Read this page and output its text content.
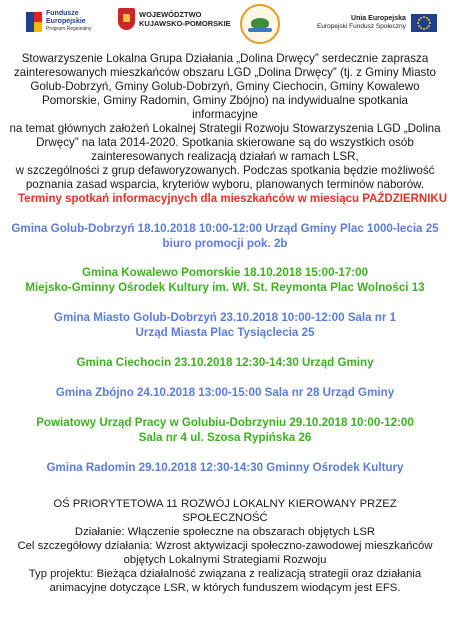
Fundusze
Europejskie
Program Regionalny
WOJEWÓDZTWO
KUJAWSKO-POMORSKIE
Unia Europejska
Europejski Fundusz Społeczny
Stowarzyszenie Lokalna Grupa Działania „Dolina Drwęcy” serdecznie zaprasza
zainteresowanych mieszkańców obszaru LGD „Dolina Drwęcy” (tj. z Gminy Miasto
Golub-Dobrzyń, Gminy Golub-Dobrzyń, Gminy Ciechocin, Gminy Kowalewo
Pomorskie, Gminy Radomin, Gminy Zbójno) na indywidualne spotkania informacyjne
na temat głównych założeń Lokalnej Strategii Rozwoju Stowarzyszenia LGD „Dolina
Drwęcy” na lata 2014-2020. Spotkania skierowane są do wszystkich osób
zainteresowanych realizacją działań w ramach LSR,
w szczególności z grup defaworyzowanych. Podczas spotkania będzie możliwość
poznania zasad wsparcia, kryteriów wyboru, planowanych terminów naborów.
Terminy spotkań informacyjnych dla mieszkańców w miesiącu PAŹDZIERNIKU
Gmina Golub-Dobrzyń 18.10.2018 10:00-12:00 Urząd Gminy Plac 1000-lecia 25
biuro promocji pok. 2b
Gmina Kowalewo Pomorskie 18.10.2018 15:00-17:00
Miejsko-Gminny Ośrodek Kultury im. Wł. St. Reymonta Plac Wolności 13
Gmina Miasto Golub-Dobrzyń 23.10.2018 10:00-12:00 Sala nr 1
Urząd Miasta Plac Tysiąclecia 25
Gmina Ciechocin 23.10.2018 12:30-14:30 Urząd Gminy
Gmina Zbójno 24.10.2018 13:00-15:00 Sala nr 28 Urząd Gminy
Powiatowy Urząd Pracy w Golubiu-Dobrzyniu 29.10.2018 10:00-12:00
Sala nr 4 ul. Szosa Rypińska 26
Gmina Radomin 29.10.2018 12:30-14:30 Gminny Ośrodek Kultury
OŚ PRIORYTETOWA 11 ROZWÓJ LOKALNY KIEROWANY PRZEZ
SPOŁECZNOŚĆ
Działanie: Włączenie społeczne na obszarach objętych LSR
Cel szczegółowy działania: Wzrost aktywizacji społeczno-zawodowej mieszkańców
objętych Lokalnymi Strategiami Rozwoju
Typ projektu: Bieżąca działalność związana z realizacją strategii oraz działania
animacyjne dotyczące LSR, w których funduszem wiodącym jest EFS.
